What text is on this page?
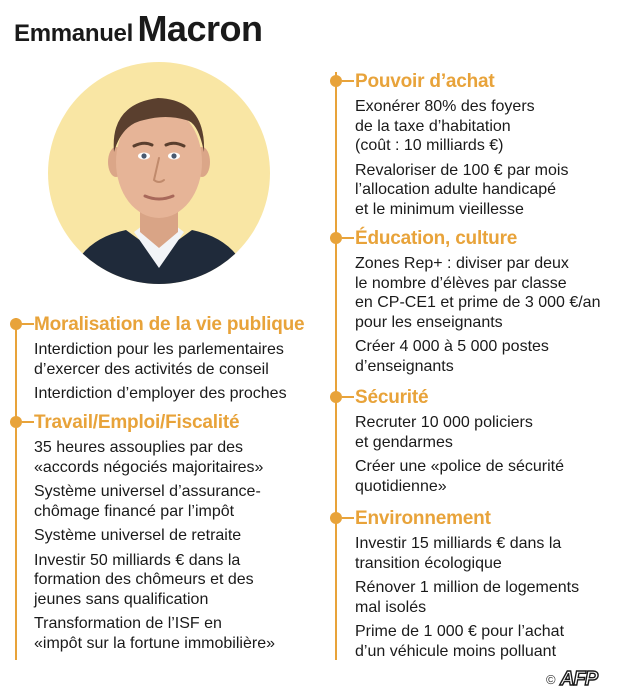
Emmanuel Macron
Moralisation de la vie publique
Interdiction pour les parlementaires
d’exercer des activités de conseil
Interdiction d’employer des proches
Travail/Emploi/Fiscalité
35 heures assouplies par des
«accords négociés majoritaires»
Système universel d’assurance-
chômage financé par l’impôt
Système universel de retraite
Investir 50 milliards € dans la
formation des chômeurs et des
jeunes sans qualification
Transformation de l’ISF en
«impôt sur la fortune immobilière»
Pouvoir d’achat
Exonérer 80% des foyers
de la taxe d’habitation
(coût : 10 milliards €)
Revaloriser de 100 € par mois
l’allocation adulte handicapé
et le minimum vieillesse
Éducation, culture
Zones Rep+ : diviser par deux
le nombre d’élèves par classe
en CP-CE1 et prime de 3 000 €/an
pour les enseignants
Créer 4 000 à 5 000 postes
d’enseignants
Sécurité
Recruter 10 000 policiers
et gendarmes
Créer une «police de sécurité
quotidienne»
Environnement
Investir 15 milliards € dans la
transition écologique
Rénover 1 million de logements
mal isolés
Prime de 1 000 € pour l’achat
d’un véhicule moins polluant
© AFP
